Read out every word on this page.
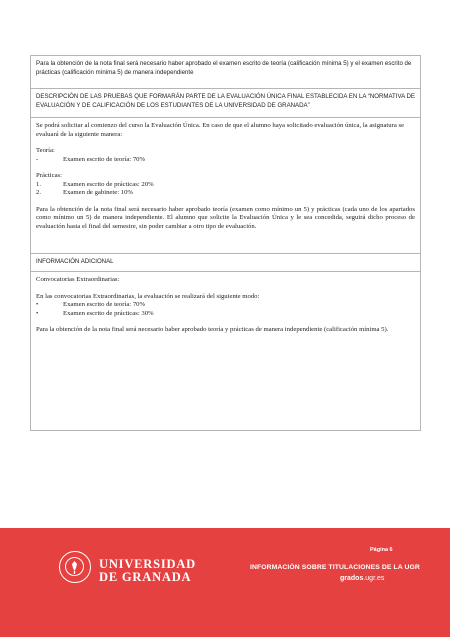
Para la obtención de la nota final será necesario haber aprobado el examen escrito de teoría (calificación mínima 5) y el examen escrito de prácticas (calificación mínima 5) de manera independiente

DESCRIPCIÓN DE LAS PRUEBAS QUE FORMARÁN PARTE DE LA EVALUACIÓN ÚNICA FINAL ESTABLECIDA EN LA “NORMATIVA DE EVALUACIÓN Y DE CALIFICACIÓN DE LOS ESTUDIANTES DE LA UNIVERSIDAD DE GRANADA”

Se podrá solicitar al comienzo del curso la Evaluación Única. En caso de que el alumno haya solicitado evaluación única, la asignatura se evaluará de la siguiente manera:

Teoría:

-	Examen escrito de teoría: 70%

Prácticas:

1.	Examen escrito de prácticas: 20%
2.	Examen de gabinete: 10%

Para la obtención de la nota final será necesario haber aprobado teoría (examen como mínimo un 5) y prácticas (cada uno de los apartados como mínimo un 5) de manera independiente. El alumno que solicite la Evaluación Única y le sea concedida, seguirá dicho proceso de evaluación hasta el final del semestre, sin poder cambiar a otro tipo de evaluación.

INFORMACIÓN ADICIONAL

Convocatorias Extraordinarias:

En las convocatorias Extraordinarias, la evaluación se realizará del siguiente modo:

•	Examen escrito de teoría: 70%
•	Examen escrito de prácticas: 30%

Para la obtención de la nota final será necesario haber aprobado teoría y prácticas de manera independiente (calificación mínima 5).

UNIVERSIDAD
DE GRANADA
Página 6
INFORMACIÓN SOBRE TITULACIONES DE LA UGR
grados.ugr.es
